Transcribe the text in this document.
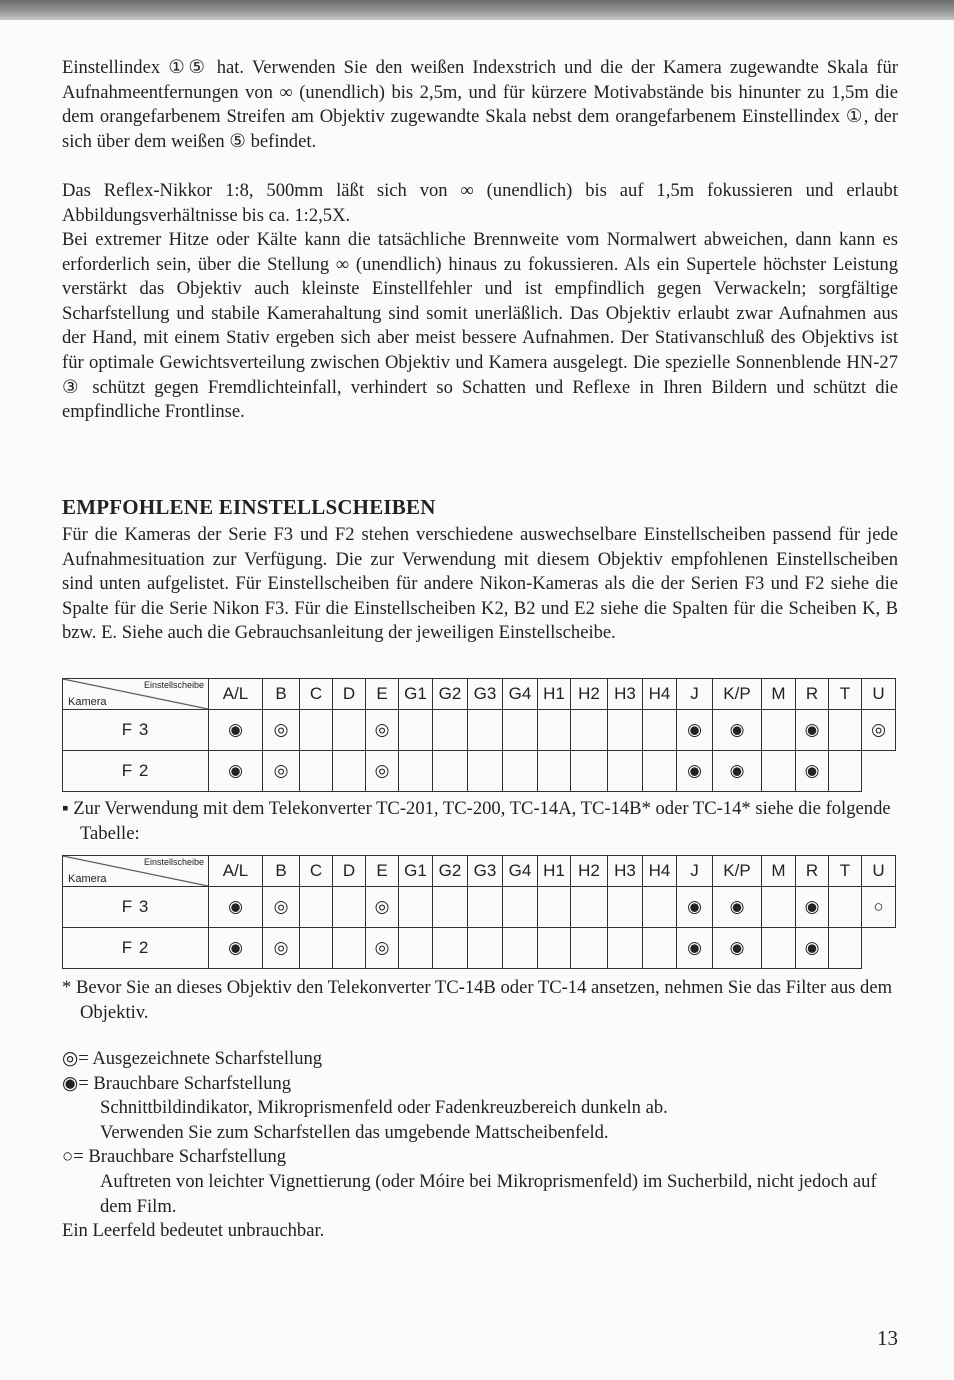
Einstellindex ①⑤ hat. Verwenden Sie den weißen Indexstrich und die der Kamera zugewandte Skala für Aufnahmeentfernungen von ∞ (unendlich) bis 2,5m, und für kürzere Motivabstände bis hinunter zu 1,5m die dem orangefarbenem Streifen am Objektiv zugewandte Skala nebst dem orangefarbenem Einstellindex ①, der sich über dem weißen ⑤ befindet.

Das Reflex-Nikkor 1:8, 500mm läßt sich von ∞ (unendlich) bis auf 1,5m fokussieren und erlaubt Abbildungsverhältnisse bis ca. 1:2,5X.

Bei extremer Hitze oder Kälte kann die tatsächliche Brennweite vom Normalwert abweichen, dann kann es erforderlich sein, über die Stellung ∞ (unendlich) hinaus zu fokussieren. Als ein Supertele höchster Leistung verstärkt das Objektiv auch kleinste Einstellfehler und ist empfindlich gegen Verwackeln; sorgfältige Scharfstellung und stabile Kamerahaltung sind somit unerläßlich. Das Objektiv erlaubt zwar Aufnahmen aus der Hand, mit einem Stativ ergeben sich aber meist bessere Aufnahmen. Der Stativanschluß des Objektivs ist für optimale Gewichtsverteilung zwischen Objektiv und Kamera ausgelegt. Die spezielle Sonnenblende HN-27 ③ schützt gegen Fremdlichteinfall, verhindert so Schatten und Reflexe in Ihren Bildern und schützt die empfindliche Frontlinse.

EMPFOHLENE EINSTELLSCHEIBEN

Für die Kameras der Serie F3 und F2 stehen verschiedene auswechselbare Einstellscheiben passend für jede Aufnahmesituation zur Verfügung. Die zur Verwendung mit diesem Objektiv empfohlenen Einstellscheiben sind unten aufgelistet. Für Einstellscheiben für andere Nikon-Kameras als die der Serien F3 und F2 siehe die Spalte für die Serie Nikon F3. Für die Einstellscheiben K2, B2 und E2 siehe die Spalten für die Scheiben K, B bzw. E. Siehe auch die Gebrauchsanleitung der jeweiligen Einstellscheibe.

Einstellscheibe
Kamera	A/L	B	C	D	E	G1	G2	G3	G4	H1	H2	H3	H4	J	K/P	M	R	T	U
F 3	◉	◎			◎									◉	◉		◉		◎
F 2	◉	◎			◎									◉	◉		◉		
▪ Zur Verwendung mit dem Telekonverter TC-201, TC-200, TC-14A, TC-14B* oder TC-14* siehe die folgende Tabelle:
Einstellscheibe
Kamera	A/L	B	C	D	E	G1	G2	G3	G4	H1	H2	H3	H4	J	K/P	M	R	T	U
F 3	◉	◎			◎									◉	◉		◉		○
F 2	◉	◎			◎									◉	◉		◉		
* Bevor Sie an dieses Objektiv den Telekonverter TC-14B oder TC-14 ansetzen, nehmen Sie das Filter aus dem Objektiv.
◎= Ausgezeichnete Scharfstellung
◉= Brauchbare Scharfstellung
Schnittbildindikator, Mikroprismenfeld oder Fadenkreuzbereich dunkeln ab.
Verwenden Sie zum Scharfstellen das umgebende Mattscheibenfeld.
○= Brauchbare Scharfstellung
Auftreten von leichter Vignettierung (oder Móire bei Mikroprismenfeld) im Sucherbild, nicht jedoch auf dem Film.
Ein Leerfeld bedeutet unbrauchbar.
13
